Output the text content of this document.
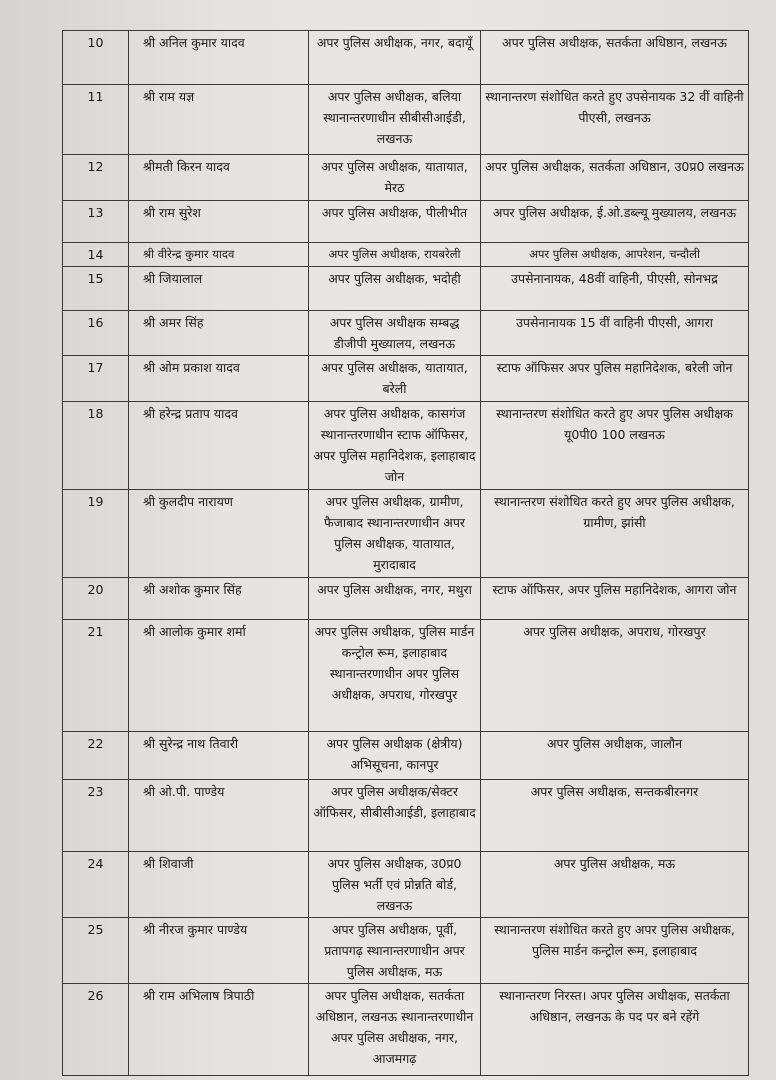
10	श्री अनिल कुमार यादव	अपर पुलिस अधीक्षक, नगर, बदायूँ	अपर पुलिस अधीक्षक, सतर्कता अधिष्ठान, लखनऊ
11	श्री राम यज्ञ	अपर पुलिस अधीक्षक, बलिया स्थानान्तरणाधीन सीबीसीआईडी, लखनऊ	स्थानान्तरण संशोधित करते हुए उपसेनायक 32 वीं वाहिनी पीएसी, लखनऊ
12	श्रीमती किरन यादव	अपर पुलिस अधीक्षक, यातायात, मेरठ	अपर पुलिस अधीक्षक, सतर्कता अधिष्ठान, उ0प्र0 लखनऊ
13	श्री राम सुरेश	अपर पुलिस अधीक्षक, पीलीभीत	अपर पुलिस अधीक्षक, ई.ओ.डब्ल्यू मुख्यालय, लखनऊ
14	श्री वीरेन्द्र कुमार यादव	अपर पुलिस अधीक्षक, रायबरेली	अपर पुलिस अधीक्षक, आपरेशन, चन्दौली
15	श्री जियालाल	अपर पुलिस अधीक्षक, भदोही	उपसेनानायक, 48वीं वाहिनी, पीएसी, सोनभद्र
16	श्री अमर सिंह	अपर पुलिस अधीक्षक सम्बद्ध डीजीपी मुख्यालय, लखनऊ	उपसेनानायक 15 वीं वाहिनी पीएसी, आगरा
17	श्री ओम प्रकाश यादव	अपर पुलिस अधीक्षक, यातायात, बरेली	स्टाफ ऑफिसर अपर पुलिस महानिदेशक, बरेली जोन
18	श्री हरेन्द्र प्रताप यादव	अपर पुलिस अधीक्षक, कासगंज स्थानान्तरणाधीन स्टाफ ऑफिसर, अपर पुलिस महानिदेशक, इलाहाबाद जोन	स्थानान्तरण संशोधित करते हुए अपर पुलिस अधीक्षक यू0पी0 100 लखनऊ
19	श्री कुलदीप नारायण	अपर पुलिस अधीक्षक, ग्रामीण, फैजाबाद स्थानान्तरणाधीन अपर पुलिस अधीक्षक, यातायात, मुरादाबाद	स्थानान्तरण संशोधित करते हुए अपर पुलिस अधीक्षक, ग्रामीण, झांसी
20	श्री अशोक कुमार सिंह	अपर पुलिस अधीक्षक, नगर, मथुरा	स्टाफ ऑफिसर, अपर पुलिस महानिदेशक, आगरा जोन
21	श्री आलोक कुमार शर्मा	अपर पुलिस अधीक्षक, पुलिस मार्डन कन्ट्रोल रूम, इलाहाबाद स्थानान्तरणाधीन अपर पुलिस अधीक्षक, अपराध, गोरखपुर	अपर पुलिस अधीक्षक, अपराध, गोरखपुर
22	श्री सुरेन्द्र नाथ तिवारी	अपर पुलिस अधीक्षक (क्षेत्रीय) अभिसूचना, कानपुर	अपर पुलिस अधीक्षक, जालौन
23	श्री ओ.पी. पाण्डेय	अपर पुलिस अधीक्षक/सेक्टर ऑफिसर, सीबीसीआईडी, इलाहाबाद	अपर पुलिस अधीक्षक, सन्तकबीरनगर
24	श्री शिवाजी	अपर पुलिस अधीक्षक, उ0प्र0 पुलिस भर्ती एवं प्रोन्नति बोर्ड, लखनऊ	अपर पुलिस अधीक्षक, मऊ
25	श्री नीरज कुमार पाण्डेय	अपर पुलिस अधीक्षक, पूर्वी, प्रतापगढ़ स्थानान्तरणाधीन अपर पुलिस अधीक्षक, मऊ	स्थानान्तरण संशोधित करते हुए अपर पुलिस अधीक्षक, पुलिस मार्डन कन्ट्रोल रूम, इलाहाबाद
26	श्री राम अभिलाष त्रिपाठी	अपर पुलिस अधीक्षक, सतर्कता अधिष्ठान, लखनऊ स्थानान्तरणाधीन अपर पुलिस अधीक्षक, नगर, आजमगढ़	स्थानान्तरण निरस्त। अपर पुलिस अधीक्षक, सतर्कता अधिष्ठान, लखनऊ के पद पर बने रहेंगे
